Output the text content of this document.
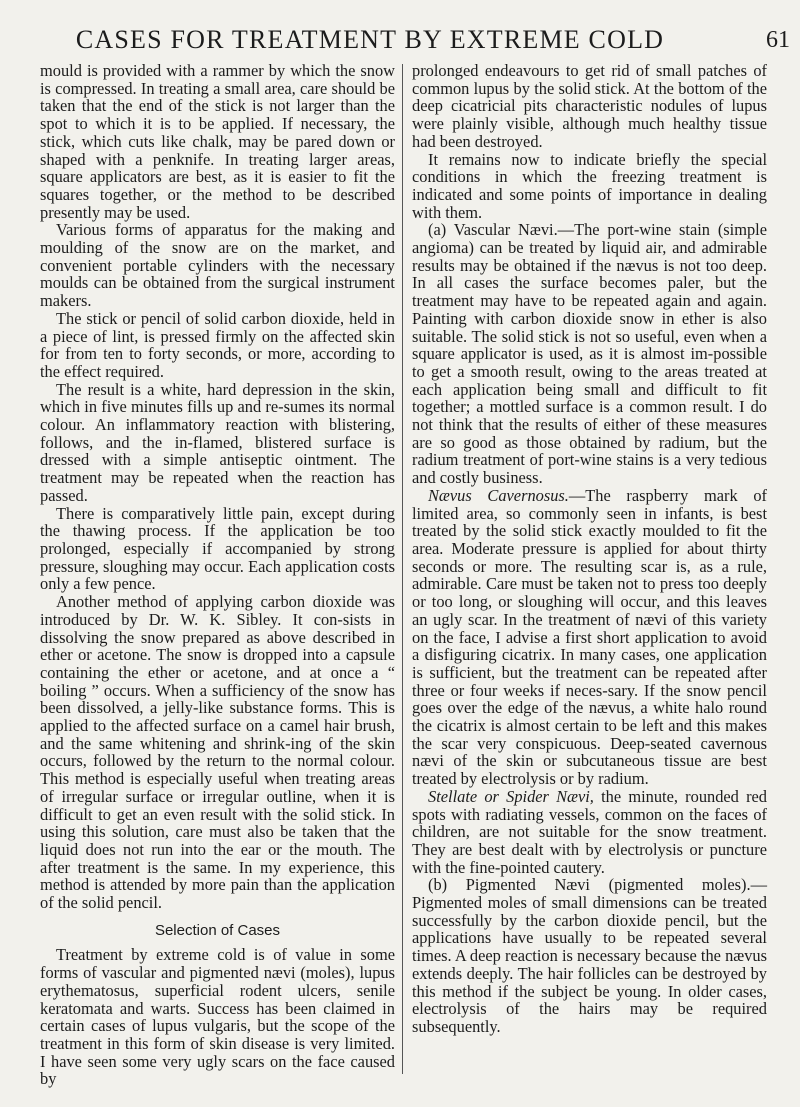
CASES FOR TREATMENT BY EXTREME COLD	61

mould is provided with a rammer by which the snow is compressed. In treating a small area, care should be taken that the end of the stick is not larger than the spot to which it is to be applied. If necessary, the stick, which cuts like chalk, may be pared down or shaped with a penknife. In treating larger areas, square applicators are best, as it is easier to fit the squares together, or the method to be described presently may be used.

Various forms of apparatus for the making and moulding of the snow are on the market, and convenient portable cylinders with the necessary moulds can be obtained from the surgical instrument makers.

The stick or pencil of solid carbon dioxide, held in a piece of lint, is pressed firmly on the affected skin for from ten to forty seconds, or more, according to the effect required.

The result is a white, hard depression in the skin, which in five minutes fills up and re-sumes its normal colour. An inflammatory reaction with blistering, follows, and the in-flamed, blistered surface is dressed with a simple antiseptic ointment. The treatment may be repeated when the reaction has passed.

There is comparatively little pain, except during the thawing process. If the application be too prolonged, especially if accompanied by strong pressure, sloughing may occur. Each application costs only a few pence.

Another method of applying carbon dioxide was introduced by Dr. W. K. Sibley. It con-sists in dissolving the snow prepared as above described in ether or acetone. The snow is dropped into a capsule containing the ether or acetone, and at once a “ boiling ” occurs. When a sufficiency of the snow has been dissolved, a jelly-like substance forms. This is applied to the affected surface on a camel hair brush, and the same whitening and shrink-ing of the skin occurs, followed by the return to the normal colour. This method is especially useful when treating areas of irregular surface or irregular outline, when it is difficult to get an even result with the solid stick. In using this solution, care must also be taken that the liquid does not run into the ear or the mouth. The after treatment is the same. In my experience, this method is attended by more pain than the application of the solid pencil.

Selection of Cases

Treatment by extreme cold is of value in some forms of vascular and pigmented nævi (moles), lupus erythematosus, superficial rodent ulcers, senile keratomata and warts. Success has been claimed in certain cases of lupus vulgaris, but the scope of the treatment in this form of skin disease is very limited. I have seen some very ugly scars on the face caused by

prolonged endeavours to get rid of small patches of common lupus by the solid stick. At the bottom of the deep cicatricial pits characteristic nodules of lupus were plainly visible, although much healthy tissue had been destroyed.

It remains now to indicate briefly the special conditions in which the freezing treatment is indicated and some points of importance in dealing with them.

(a) Vascular Nævi.—The port-wine stain (simple angioma) can be treated by liquid air, and admirable results may be obtained if the nævus is not too deep. In all cases the surface becomes paler, but the treatment may have to be repeated again and again. Painting with carbon dioxide snow in ether is also suitable. The solid stick is not so useful, even when a square applicator is used, as it is almost im-possible to get a smooth result, owing to the areas treated at each application being small and difficult to fit together; a mottled surface is a common result. I do not think that the results of either of these measures are so good as those obtained by radium, but the radium treatment of port-wine stains is a very tedious and costly business.

Nævus Cavernosus.—The raspberry mark of limited area, so commonly seen in infants, is best treated by the solid stick exactly moulded to fit the area. Moderate pressure is applied for about thirty seconds or more. The resulting scar is, as a rule, admirable. Care must be taken not to press too deeply or too long, or sloughing will occur, and this leaves an ugly scar. In the treatment of nævi of this variety on the face, I advise a first short application to avoid a disfiguring cicatrix. In many cases, one application is sufficient, but the treatment can be repeated after three or four weeks if neces-sary. If the snow pencil goes over the edge of the nævus, a white halo round the cicatrix is almost certain to be left and this makes the scar very conspicuous. Deep-seated cavernous nævi of the skin or subcutaneous tissue are best treated by electrolysis or by radium.

Stellate or Spider Nævi, the minute, rounded red spots with radiating vessels, common on the faces of children, are not suitable for the snow treatment. They are best dealt with by electrolysis or puncture with the fine-pointed cautery.

(b) Pigmented Nævi (pigmented moles).—Pigmented moles of small dimensions can be treated successfully by the carbon dioxide pencil, but the applications have usually to be repeated several times. A deep reaction is necessary because the nævus extends deeply. The hair follicles can be destroyed by this method if the subject be young. In older cases, electrolysis of the hairs may be required subsequently.
